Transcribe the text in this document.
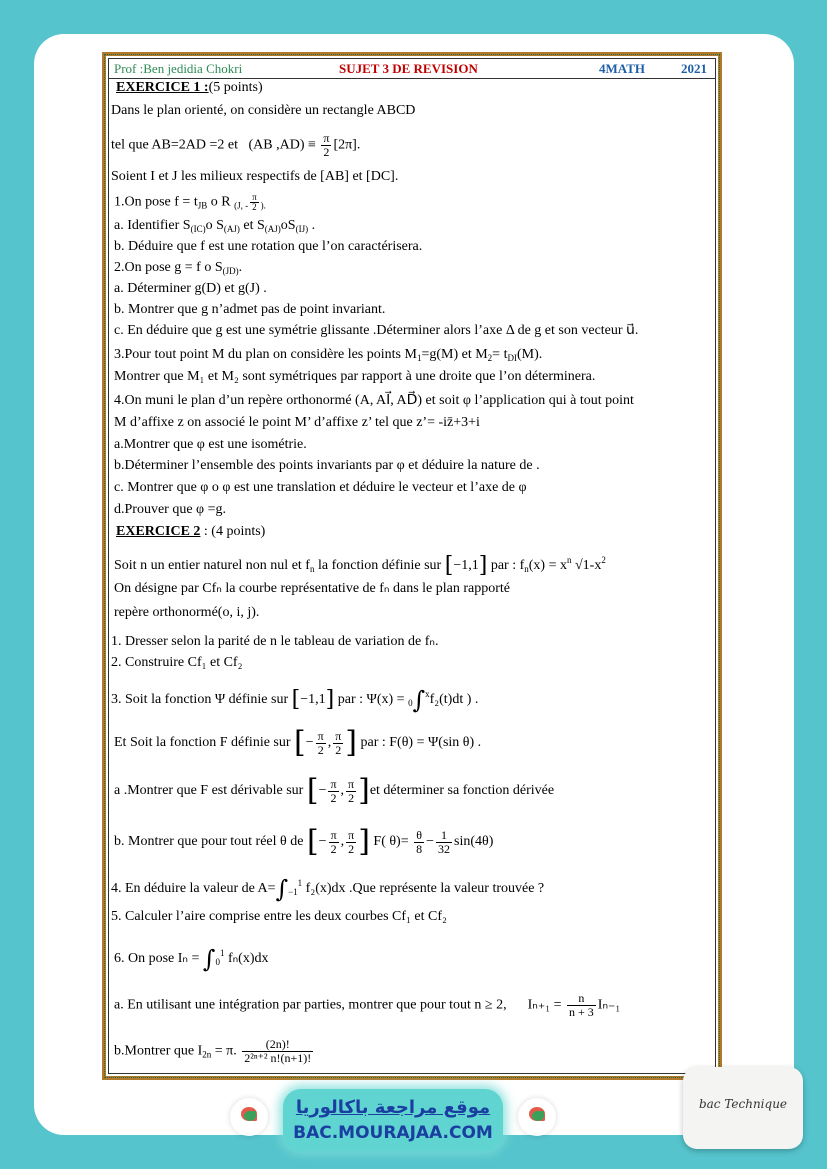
Prof :Ben jedidia Chokri	SUJET 3 DE REVISION	4MATH	2021
EXERCICE 1 :(5 points)
Dans le plan orienté, on considère un rectangle ABCD
tel que AB=2AD =2 et (AB $,AD) \equiv \frac{\pi}{2} [2\pi]$.
Soient I et J les milieux respectifs de [AB] et [DC].
1.On pose $f = t_{JB}$ o R $_{(J, -} \frac{\pi}{2} _{).}$
a. Identifier $S_{(IC)}o$ $S_{(AJ)}$ et $S_{(AJ)}oS_{(IJ)}$ .
b. Déduire que f est une rotation que l’on caractérisera.
2.On pose g = f o $S_{(JD)}$.
a. Déterminer g(D) et g(J) .
b. Montrer que g n’admet pas de point invariant.
c. En déduire que g est une symétrie glissante .Déterminer alors l’axe Δ de g et son vecteur u⃗.
3.Pour tout point M du plan on considère les points $M_1=g(M)$ et $M_2= t_{DI}(M)$.
Montrer que M₁ et M₂ sont symétriques par rapport à une droite que l’on déterminera.
4.On muni le plan d’un repère orthonormé (A, AI⃗, AD⃗) et soit φ l’application qui à tout point
M d’affixe z on associé le point M’ d’affixe z’ tel que z’= -iz̄+3+i
a.Montrer que φ est une isométrie.
b.Déterminer l’ensemble des points invariants par φ et déduire la nature de .
c. Montrer que φ o φ est une translation et déduire le vecteur et l’axe de φ
d.Prouver que φ =g.
EXERCICE 2 : (4 points)
Soit n un entier naturel non nul et $f_n$ la fonction définie sur [−1,1] par : $f_n(x) = x^n$ $√1-x^2$
On désigne par Cfₙ la courbe représentative de fₙ dans le plan rapporté
repère orthonormé(o, i, j).
1. Dresser selon la parité de n le tableau de variation de fₙ.
2. Construire Cf₁ et Cf₂
3. Soit la fonction Ψ définie sur [−1,1] par : Ψ(x) = $_0$∫$^x$f₂(t)dt ) .
Et Soit la fonction F définie sur [− $\frac{\pi}{2}$ , $\frac{\pi}{2}$ ] par : F(θ) = Ψ(sin θ) .
a .Montrer que F est dérivable sur [− $\frac{\pi}{2}$ , $\frac{\pi}{2} ]et$ déterminer sa fonction dérivée
b. Montrer que pour tout réel θ de [− $\frac{\pi}{2}$ , $\frac{\pi}{2}$ ] F( $\theta)= \frac{\theta}{8} - \frac{1}{32} \sin(4\theta)$
4. En déduire la valeur de $A=\int_{-1}^1$ f₂(x)dx .Que représente la valeur trouvée ?
5. Calculer l’aire comprise entre les deux courbes Cf₁ et Cf₂
6. On pose $I_n = \int_0^1$ fₙ(x)dx
a. En utilisant une intégration par parties, montrer que pour tout n ≥ 2, $I_{n+1} = \frac{n}{n + 3} I_{n-1}$
b.Montrer que $I_{2n} = \pi$. $\frac{(2n)!}{\text{2²ⁿ⁺² n!(n+1)!}}$
موقع مراجعة باكالوريا
BAC.MOURAJAA.COM
bac Technique
